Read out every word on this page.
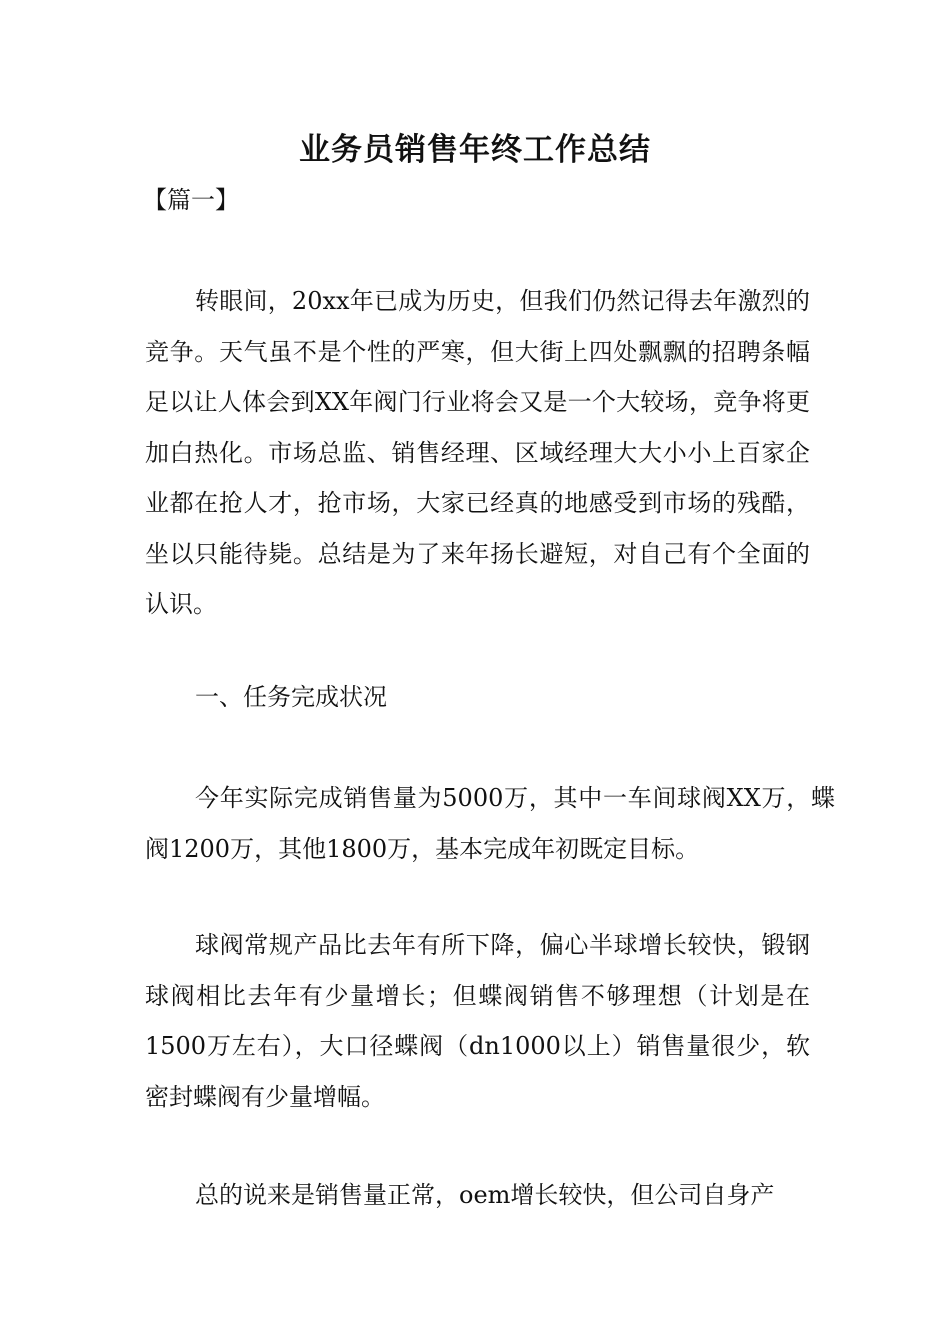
业务员销售年终工作总结
【篇一】

转眼间，20xx年已成为历史，但我们仍然记得去年激烈的竞争。天气虽不是个性的严寒，但大街上四处飘飘的招聘条幅足以让人体会到XX年阀门行业将会又是一个大较场，竞争将更加白热化。市场总监、销售经理、区域经理大大小小上百家企业都在抢人才，抢市场，大家已经真的地感受到市场的残酷，坐以只能待毙。总结是为了来年扬长避短，对自己有个全面的认识。

一、任务完成状况

今年实际完成销售量为5000万，其中一车间球阀XX万，蝶阀1200万，其他1800万，基本完成年初既定目标。

球阀常规产品比去年有所下降，偏心半球增长较快，锻钢球阀相比去年有少量增长；但蝶阀销售不够理想（计划是在1500万左右），大口径蝶阀（dn1000以上）销售量很少，软密封蝶阀有少量增幅。

总的说来是销售量正常，oem增长较快，但公司自身产
